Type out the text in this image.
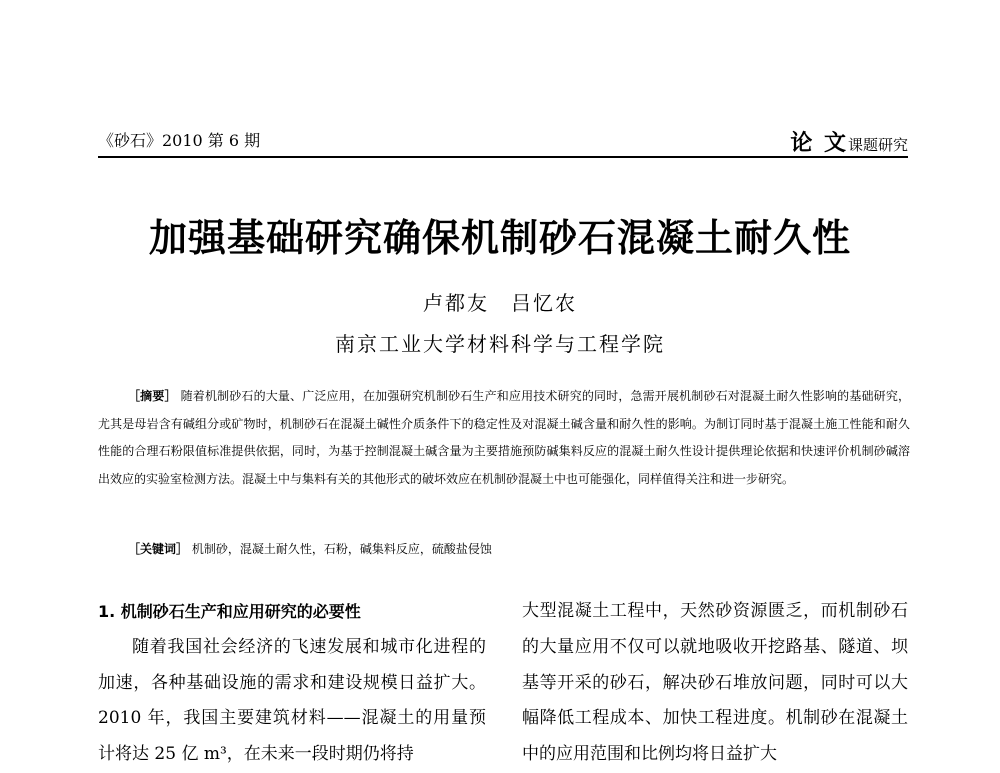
《砂石》2010 第 6 期	论 文课题研究
加强基础研究确保机制砂石混凝土耐久性
卢都友　吕忆农
南京工业大学材料科学与工程学院

［摘要］ 随着机制砂石的大量、广泛应用，在加强研究机制砂石生产和应用技术研究的同时，急需开展机制砂石对混凝土耐久性影响的基础研究，尤其是母岩含有碱组分或矿物时，机制砂石在混凝土碱性介质条件下的稳定性及对混凝土碱含量和耐久性的影响。为制订同时基于混凝土施工性能和耐久性能的合理石粉限值标准提供依据，同时，为基于控制混凝土碱含量为主要措施预防碱集料反应的混凝土耐久性设计提供理论依据和快速评价机制砂碱溶出效应的实验室检测方法。混凝土中与集料有关的其他形式的破坏效应在机制砂混凝土中也可能强化，同样值得关注和进一步研究。

［关键词］ 机制砂，混凝土耐久性，石粉，碱集料反应，硫酸盐侵蚀

1. 机制砂石生产和应用研究的必要性

随着我国社会经济的飞速发展和城市化进程的加速，各种基础设施的需求和建设规模日益扩大。2010 年，我国主要建筑材料——混凝土的用量预计将达 25 亿 m³，在未来一段时期仍将持

大型混凝土工程中，天然砂资源匮乏，而机制砂石的大量应用不仅可以就地吸收开挖路基、隧道、坝基等开采的砂石，解决砂石堆放问题，同时可以大幅降低工程成本、加快工程进度。机制砂在混凝土中的应用范围和比例均将日益扩大
